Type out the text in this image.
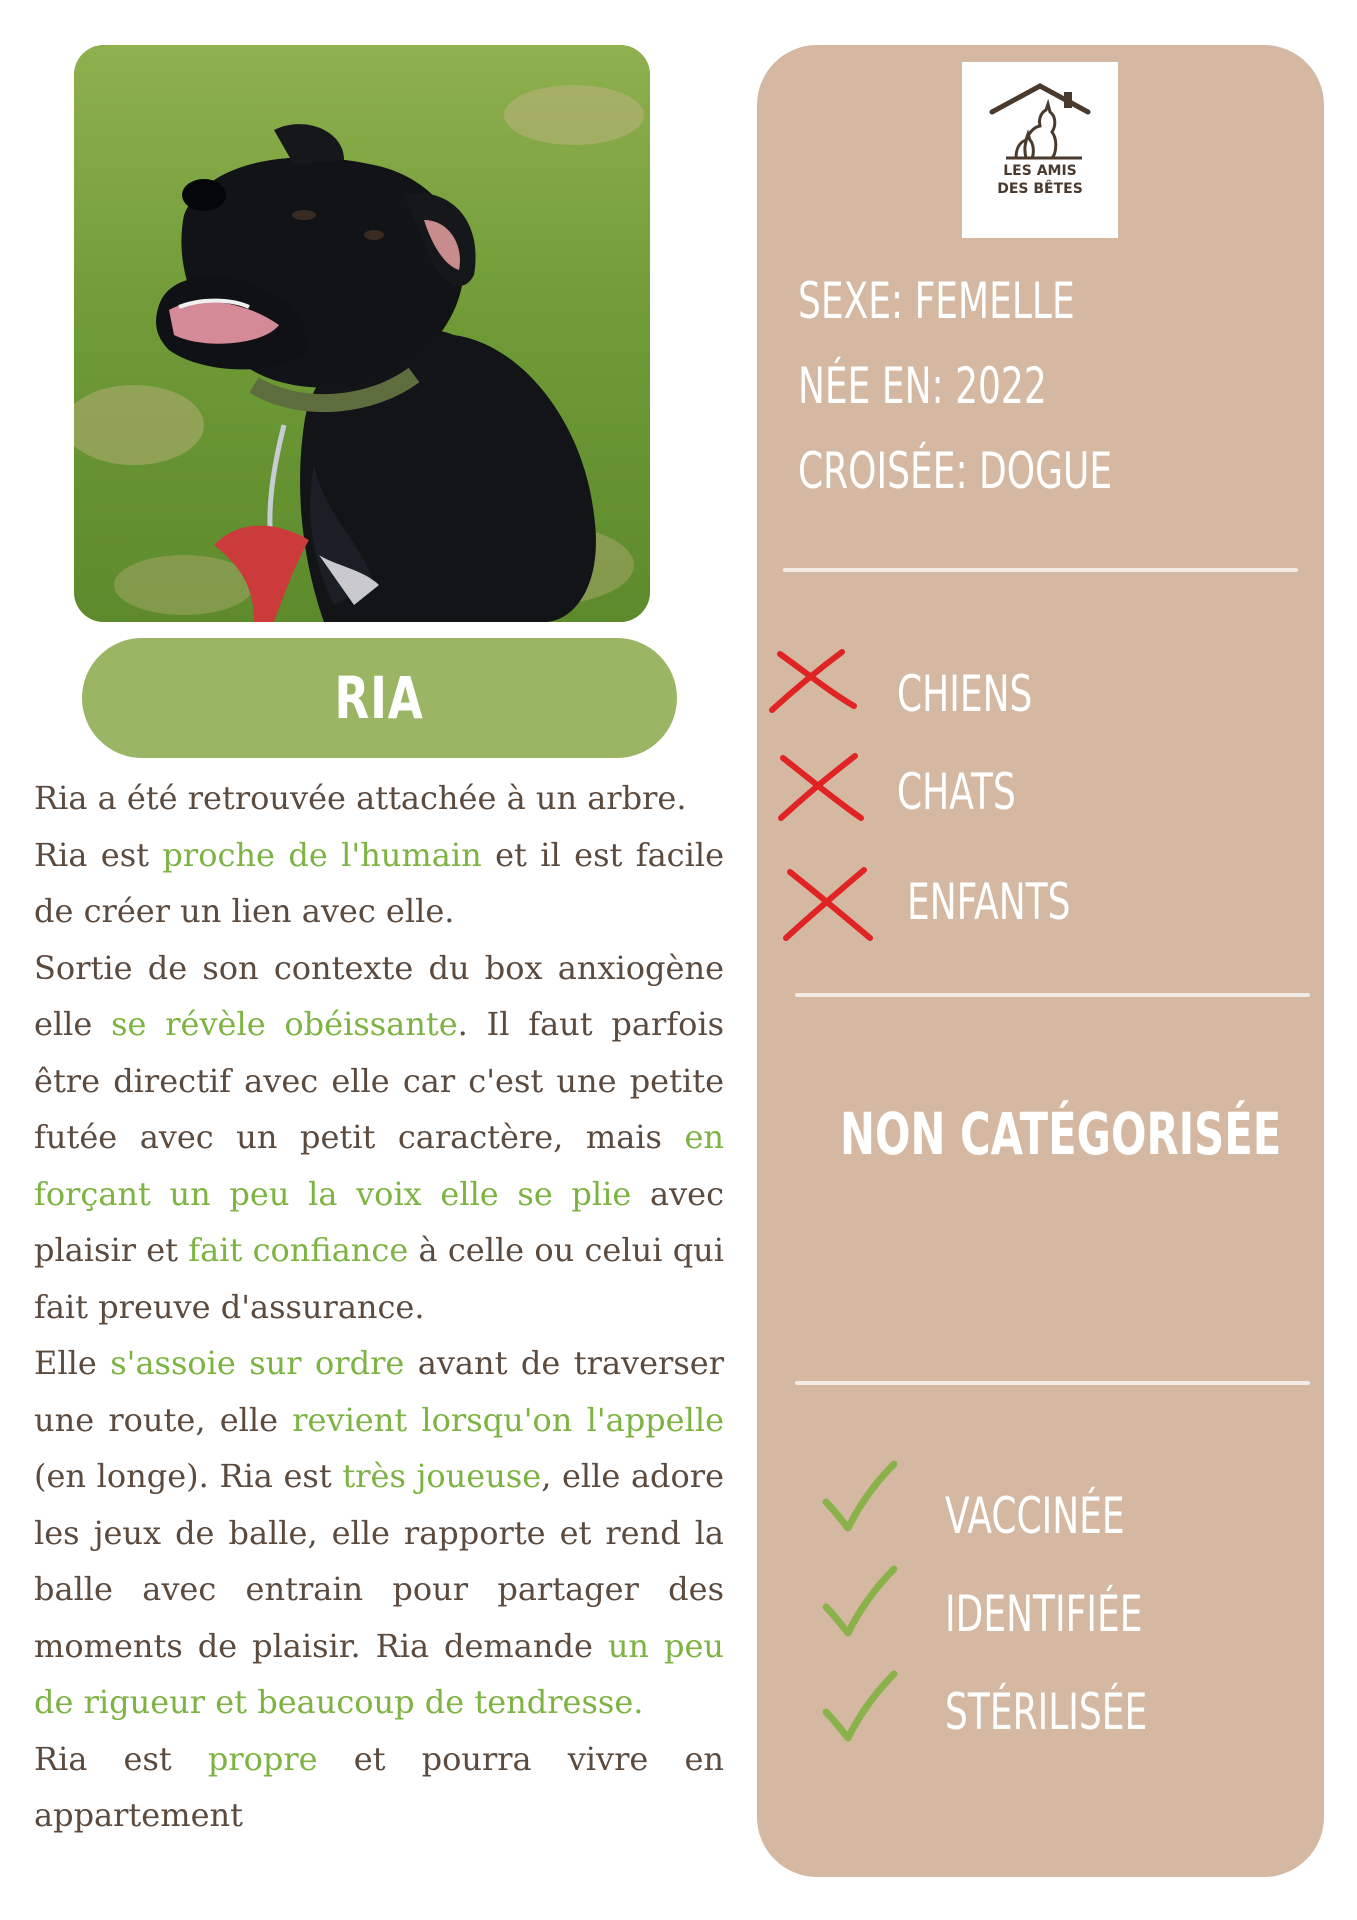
RIA

Ria a été retrouvée attachée à un arbre.

Ria est proche de l'humain et il est facile de créer un lien avec elle.

Sortie de son contexte du box anxiogène elle se révèle obéissante. Il faut parfois être directif avec elle car c'est une petite futée avec un petit caractère, mais en forçant un peu la voix elle se plie avec plaisir et fait confiance à celle ou celui qui fait preuve d'assurance.

Elle s'assoie sur ordre avant de traverser une route, elle revient lorsqu'on l'appelle (en longe). Ria est très joueuse, elle adore les jeux de balle, elle rapporte et rend la balle avec entrain pour partager des moments de plaisir. Ria demande un peu de rigueur et beaucoup de tendresse.

Ria est propre et pourra vivre en appartement

LES AMIS
DES BÊTES
SEXE: FEMELLE
NÉE EN: 2022
CROISÉE: DOGUE
CHIENS
CHATS
ENFANTS
NON CATÉGORISÉE
VACCINÉE
IDENTIFIÉE
STÉRILISÉE
